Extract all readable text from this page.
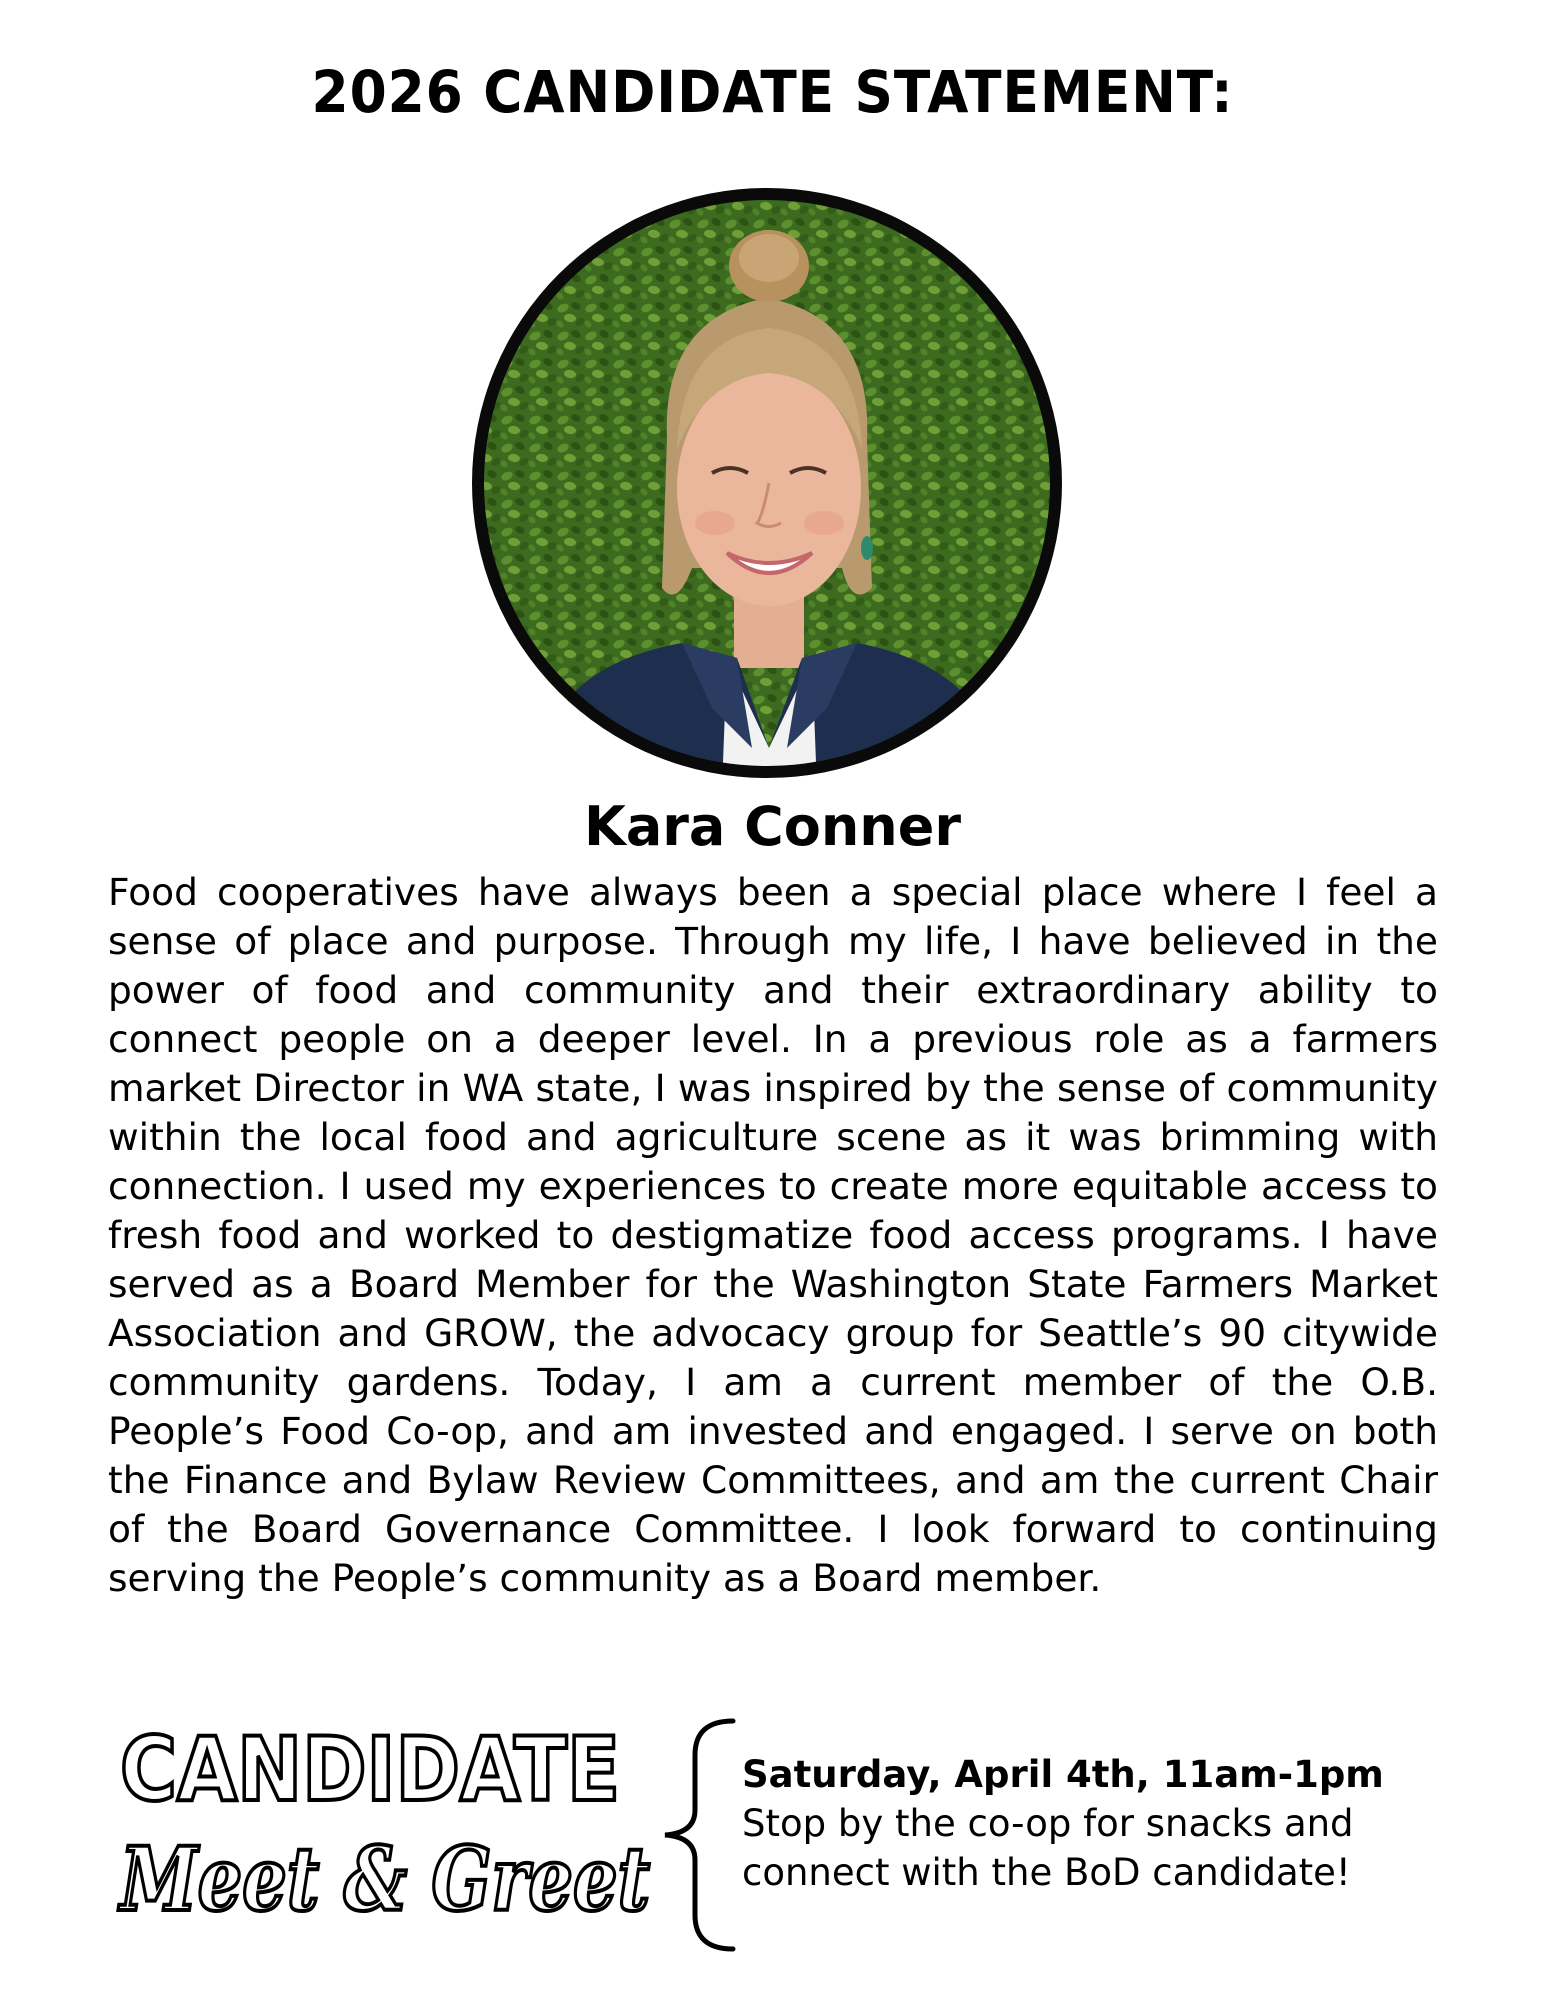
2026 CANDIDATE STATEMENT:
Kara Conner

Food cooperatives have always been a special place where I feel a sense of place and purpose. Through my life, I have believed in the power of food and community and their extraordinary ability to connect people on a deeper level. In a previous role as a farmers market Director in WA state, I was inspired by the sense of community within the local food and agriculture scene as it was brimming with connection. I used my experiences to create more equitable access to fresh food and worked to destigmatize food access programs. I have served as a Board Member for the Washington State Farmers Market Association and GROW, the advocacy group for Seattle’s 90 citywide community gardens. Today, I am a current member of the O.B. People’s Food Co-op, and am invested and engaged. I serve on both the Finance and Bylaw Review Committees, and am the current Chair of the Board Governance Committee. I look forward to continuing serving the People’s community as a Board member.

CANDIDATE
Meet & Greet
Saturday, April 4th, 11am-1pm
Stop by the co-op for snacks and connect with the BoD candidate!
